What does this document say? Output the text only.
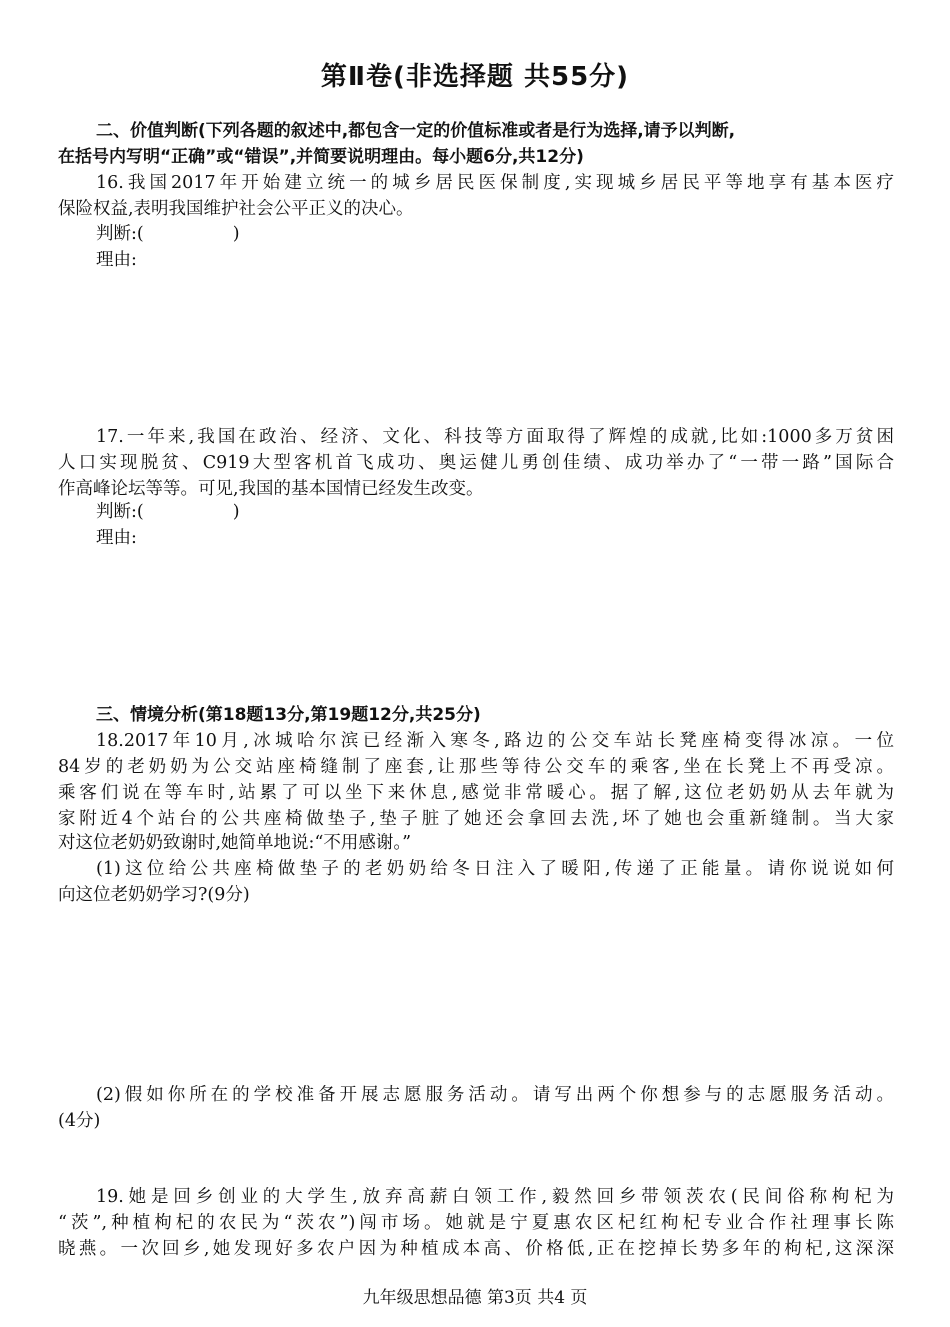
第Ⅱ卷(非选择题 共55分)
二、价值判断(下列各题的叙述中,都包含一定的价值标准或者是行为选择,请予以判断,
在括号内写明“正确”或“错误”,并简要说明理由。每小题6分,共12分)
16.我国2017年开始建立统一的城乡居民医保制度,实现城乡居民平等地享有基本医疗
保险权益,表明我国维护社会公平正义的决心。
判断:(                )
理由:
17.一年来,我国在政治、经济、文化、科技等方面取得了辉煌的成就,比如:1000多万贫困
人口实现脱贫、C919大型客机首飞成功、奥运健儿勇创佳绩、成功举办了“一带一路”国际合
作高峰论坛等等。可见,我国的基本国情已经发生改变。
判断:(                )
理由:
三、情境分析(第18题13分,第19题12分,共25分)
18.2017年10月,冰城哈尔滨已经渐入寒冬,路边的公交车站长凳座椅变得冰凉。一位
84岁的老奶奶为公交站座椅缝制了座套,让那些等待公交车的乘客,坐在长凳上不再受凉。
乘客们说在等车时,站累了可以坐下来休息,感觉非常暖心。据了解,这位老奶奶从去年就为
家附近4个站台的公共座椅做垫子,垫子脏了她还会拿回去洗,坏了她也会重新缝制。当大家
对这位老奶奶致谢时,她简单地说:“不用感谢。”
(1)这位给公共座椅做垫子的老奶奶给冬日注入了暖阳,传递了正能量。请你说说如何
向这位老奶奶学习?(9分)
(2)假如你所在的学校准备开展志愿服务活动。请写出两个你想参与的志愿服务活动。
(4分)
19.她是回乡创业的大学生,放弃高薪白领工作,毅然回乡带领茨农(民间俗称枸杞为
“茨”,种植枸杞的农民为“茨农”)闯市场。她就是宁夏惠农区杞红枸杞专业合作社理事长陈
晓燕。一次回乡,她发现好多农户因为种植成本高、价格低,正在挖掉长势多年的枸杞,这深深
九年级思想品德 第3页 共4 页
